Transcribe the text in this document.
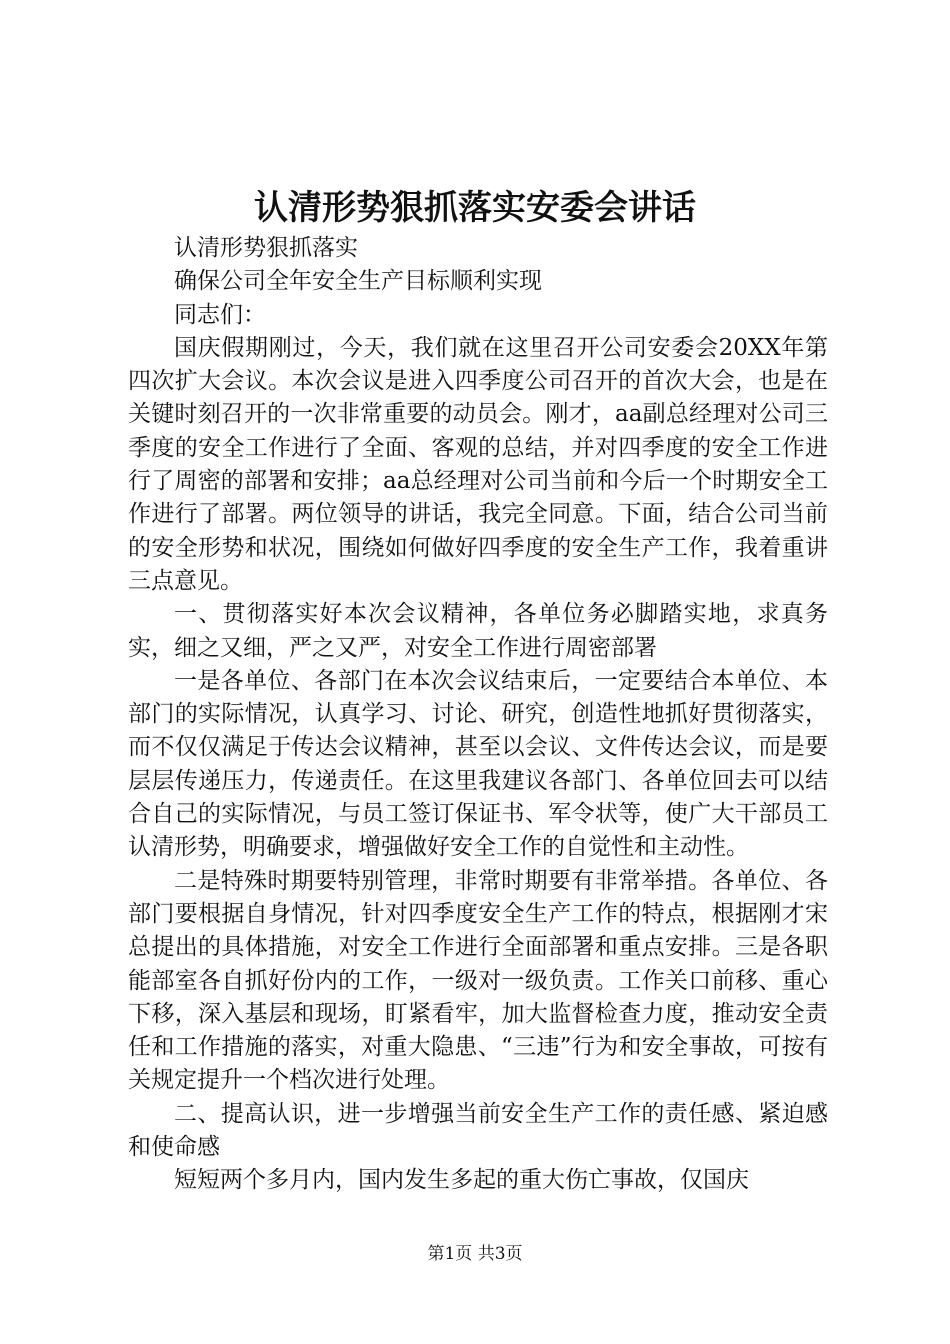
认清形势狠抓落实安委会讲话

认清形势狠抓落实

确保公司全年安全生产目标顺利实现

同志们：

国庆假期刚过，今天，我们就在这里召开公司安委会20XX年第四次扩大会议。本次会议是进入四季度公司召开的首次大会，也是在关键时刻召开的一次非常重要的动员会。刚才，aa副总经理对公司三季度的安全工作进行了全面、客观的总结，并对四季度的安全工作进行了周密的部署和安排；aa总经理对公司当前和今后一个时期安全工作进行了部署。两位领导的讲话，我完全同意。下面，结合公司当前的安全形势和状况，围绕如何做好四季度的安全生产工作，我着重讲三点意见。

一、贯彻落实好本次会议精神，各单位务必脚踏实地，求真务实，细之又细，严之又严，对安全工作进行周密部署

一是各单位、各部门在本次会议结束后，一定要结合本单位、本部门的实际情况，认真学习、讨论、研究，创造性地抓好贯彻落实，而不仅仅满足于传达会议精神，甚至以会议、文件传达会议，而是要层层传递压力，传递责任。在这里我建议各部门、各单位回去可以结合自己的实际情况，与员工签订保证书、军令状等，使广大干部员工认清形势，明确要求，增强做好安全工作的自觉性和主动性。

二是特殊时期要特别管理，非常时期要有非常举措。各单位、各部门要根据自身情况，针对四季度安全生产工作的特点，根据刚才宋总提出的具体措施，对安全工作进行全面部署和重点安排。三是各职能部室各自抓好份内的工作，一级对一级负责。工作关口前移、重心下移，深入基层和现场，盯紧看牢，加大监督检查力度，推动安全责任和工作措施的落实，对重大隐患、“三违”行为和安全事故，可按有关规定提升一个档次进行处理。

二、提高认识，进一步增强当前安全生产工作的责任感、紧迫感和使命感

短短两个多月内，国内发生多起的重大伤亡事故，仅国庆

第1页 共3页
